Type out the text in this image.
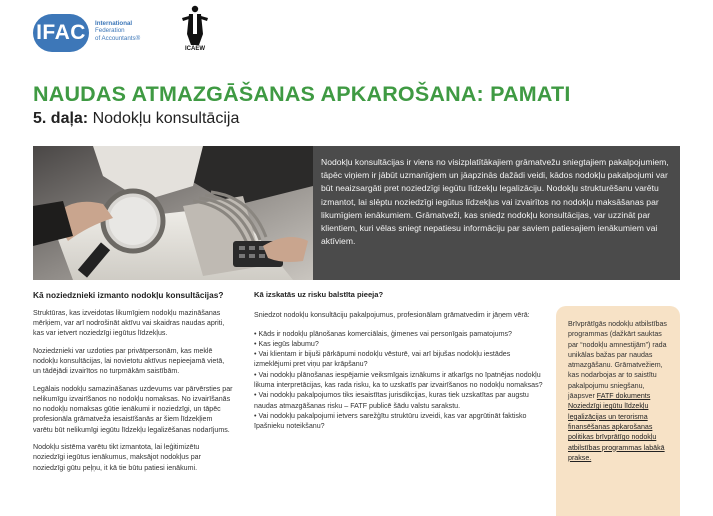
IFAC	International
Federation
of Accountants®
ICAEW
NAUDAS ATMAZGĀŠANAS APKAROŠANA: PAMATI
5. daļa: Nodokļu konsultācija

Nodokļu konsultācijas ir viens no visizplatītākajiem grāmatvežu sniegtajiem pakalpojumiem, tāpēc viņiem ir jābūt uzmanīgiem un jāapzinās dažādi veidi, kādos nodokļu pakalpojumi var būt neaizsargāti pret noziedzīgi iegūtu līdzekļu legalizāciju. Nodokļu strukturēšanu varētu izmantot, lai slēptu noziedzīgi iegūtus līdzekļus vai izvairītos no nodokļu maksāšanas par likumīgiem ienākumiem. Grāmatveži, kas sniedz nodokļu konsultācijas, var uzzināt par klientiem, kuri vēlas sniegt nepatiesu informāciju par saviem patiesajiem ienākumiem vai aktīviem.

Kā noziedznieki izmanto nodokļu konsultācijas?

Struktūras, kas izveidotas likumīgiem nodokļu mazināšanas mērķiem, var arī nodrošināt aktīvu vai skaidras naudas apriti, kas var ietvert noziedzīgi iegūtus līdzekļus.

Noziedznieki var uzdoties par privātpersonām, kas meklē nodokļu konsultācijas, lai novietotu aktīvus nepieejamā vietā, un tādējādi izvairītos no turpmākām saistībām.

Legālais nodokļu samazināšanas uzdevums var pārvērsties par nelikumīgu izvairīšanos no nodokļu nomaksas. No izvairīšanās no nodokļu nomaksas gūtie ienākumi ir noziedzīgi, un tāpēc profesionāla grāmatveža iesaistīšanās ar šiem līdzekļiem varētu būt nelikumīgi iegūtu līdzekļu legalizēšanas nodarījums.

Nodokļu sistēma varētu tikt izmantota, lai leģitimizētu noziedzīgi iegūtus ienākumus, maksājot nodokļus par noziedzīgi gūtu peļņu, it kā tie būtu patiesi ienākumi.

Kā izskatās uz risku balstīta pieeja?

Sniedzot nodokļu konsultāciju pakalpojumus, profesionālam grāmatvedim ir jāņem vērā:

• Kāds ir nodokļu plānošanas komerciālais, ģimenes vai personīgais pamatojums?
• Kas iegūs labumu?
• Vai klientam ir bijuši pārkāpumi nodokļu vēsturē, vai arī bijušas nodokļu iestādes izmeklējumi pret viņu par krāpšanu?
• Vai nodokļu plānošanas iespējamie veiksmīgais iznākums ir atkarīgs no īpatnējas nodokļu likuma interpretācijas, kas rada risku, ka to uzskatīs par izvairīšanos no nodokļu nomaksas?
• Vai nodokļu pakalpojumos tiks iesaistītas jurisdikcijas, kuras tiek uzskatītas par augstu naudas atmazgāšanas risku – FATF publicē šādu valstu sarakstu.
• Vai nodokļu pakalpojumi ietvers sarežģītu struktūru izveidi, kas var apgrūtināt faktisko īpašnieku noteikšanu?
Brīvprātīgās nodokļu atbilstības programmas (dažkārt sauktas par “nodokļu amnestijām”) rada unikālas bažas par naudas atmazgāšanu. Grāmatvežiem, kas nodarbojas ar to saistītu pakalpojumu sniegšanu, jāapsver FATF dokuments Noziedzīgi iegūtu līdzekļu legalizācijas un terorisma finansēšanas apkarošanas politikas brīvprātīgo nodokļu atbilstības programmas labākā prakse.
